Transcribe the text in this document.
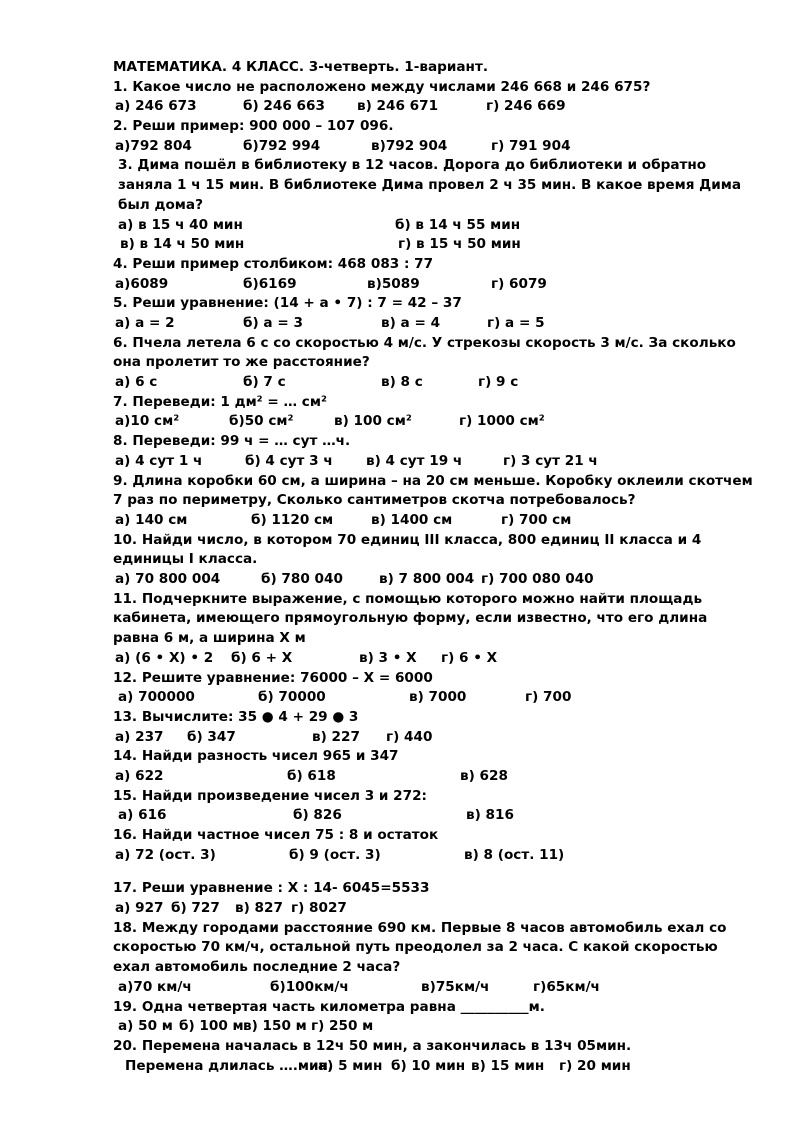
МАТЕМАТИКА. 4 КЛАСС. 3-четверть. 1-вариант.
1. Какое число не расположено между числами 246 668 и 246 675?
а) 246 673	б) 246 663 в) 246 671	г) 246 669
2. Реши пример: 900 000 – 107 096.
а)792 804	б)792 994	в)792 904	г) 791 904
3. Дима пошёл в библиотеку в 12 часов. Дорога до библиотеки и обратно заняла 1 ч 15 мин. В библиотеке Дима провел 2 ч 35 мин. В какое время Дима был дома?
а) в 15 ч 40 мин	б) в 14 ч 55 мин
в) в 14 ч 50 мин	г) в 15 ч 50 мин
4. Реши пример столбиком: 468 083 : 77
а)6089	б)6169	в)5089	г) 6079
5. Реши уравнение: (14 + а • 7) : 7 = 42 – 37
а) а = 2	б) а = 3	в) а = 4	г) а = 5
6. Пчела летела 6 с со скоростью 4 м/с. У стрекозы скорость 3 м/с. За сколько она пролетит то же расстояние?
а) 6 с	б) 7 с	в) 8 с	г) 9 с
7. Переведи: 1 дм² = … см²
а)10 см²	б)50 см²	в) 100 см²	г) 1000 см²
8. Переведи: 99 ч = … сут …ч.
а) 4 сут 1 ч	б) 4 сут 3 ч в) 4 сут 19 ч	г) 3 сут 21 ч
9. Длина коробки 60 см, а ширина – на 20 см меньше. Коробку оклеили скотчем 7 раз по периметру, Сколько сантиметров скотча потребовалось?
а) 140 см	б) 1120 см	в) 1400 см	г) 700 см
10. Найди число, в котором 70 единиц III класса, 800 единиц II класса и 4 единицы I класса.
а) 70 800 004	б) 780 040	в) 7 800 004 г) 700 080 040
11. Подчеркните выражение, с помощью которого можно найти площадь кабинета, имеющего прямоугольную форму, если известно, что его длина равна 6 м, а ширина Х м
а) (6 • Х) • 2 б) 6 + Х	в) 3 • Х г) 6 • Х
12. Решите уравнение: 76000 – Х = 6000
а) 700000	б) 70000	в) 7000	г) 700
13. Вычислите: 35 ● 4 + 29 ● 3
а) 237 б) 347	в) 227 г) 440
14. Найди разность чисел 965 и 347
а) 622	б) 618	в) 628
15. Найди произведение чисел 3 и 272:
а) 616	б) 826	в) 816
16. Найди частное чисел 75 : 8 и остаток
а) 72 (ост. 3)	б) 9 (ост. 3)	в) 8 (ост. 11)
17. Реши уравнение : Х : 14- 6045=5533
а) 927 б) 727 в) 827 г) 8027
18. Между городами расстояние 690 км. Первые 8 часов автомобиль ехал со скоростью 70 км/ч, остальной путь преодолел за 2 часа. С какой скоростью ехал автомобиль последние 2 часа?
а)70 км/ч	б)100км/ч	в)75км/ч	г)65км/ч
19. Одна четвертая часть километра равна __________м.
а) 50 м б) 100 м в) 150 м г) 250 м
20. Перемена началась в 12ч 50 мин, а закончилась в 13ч 05мин.
Перемена длилась ….мин.
а) 5 мин б) 10 мин в) 15 мин г) 20 мин
